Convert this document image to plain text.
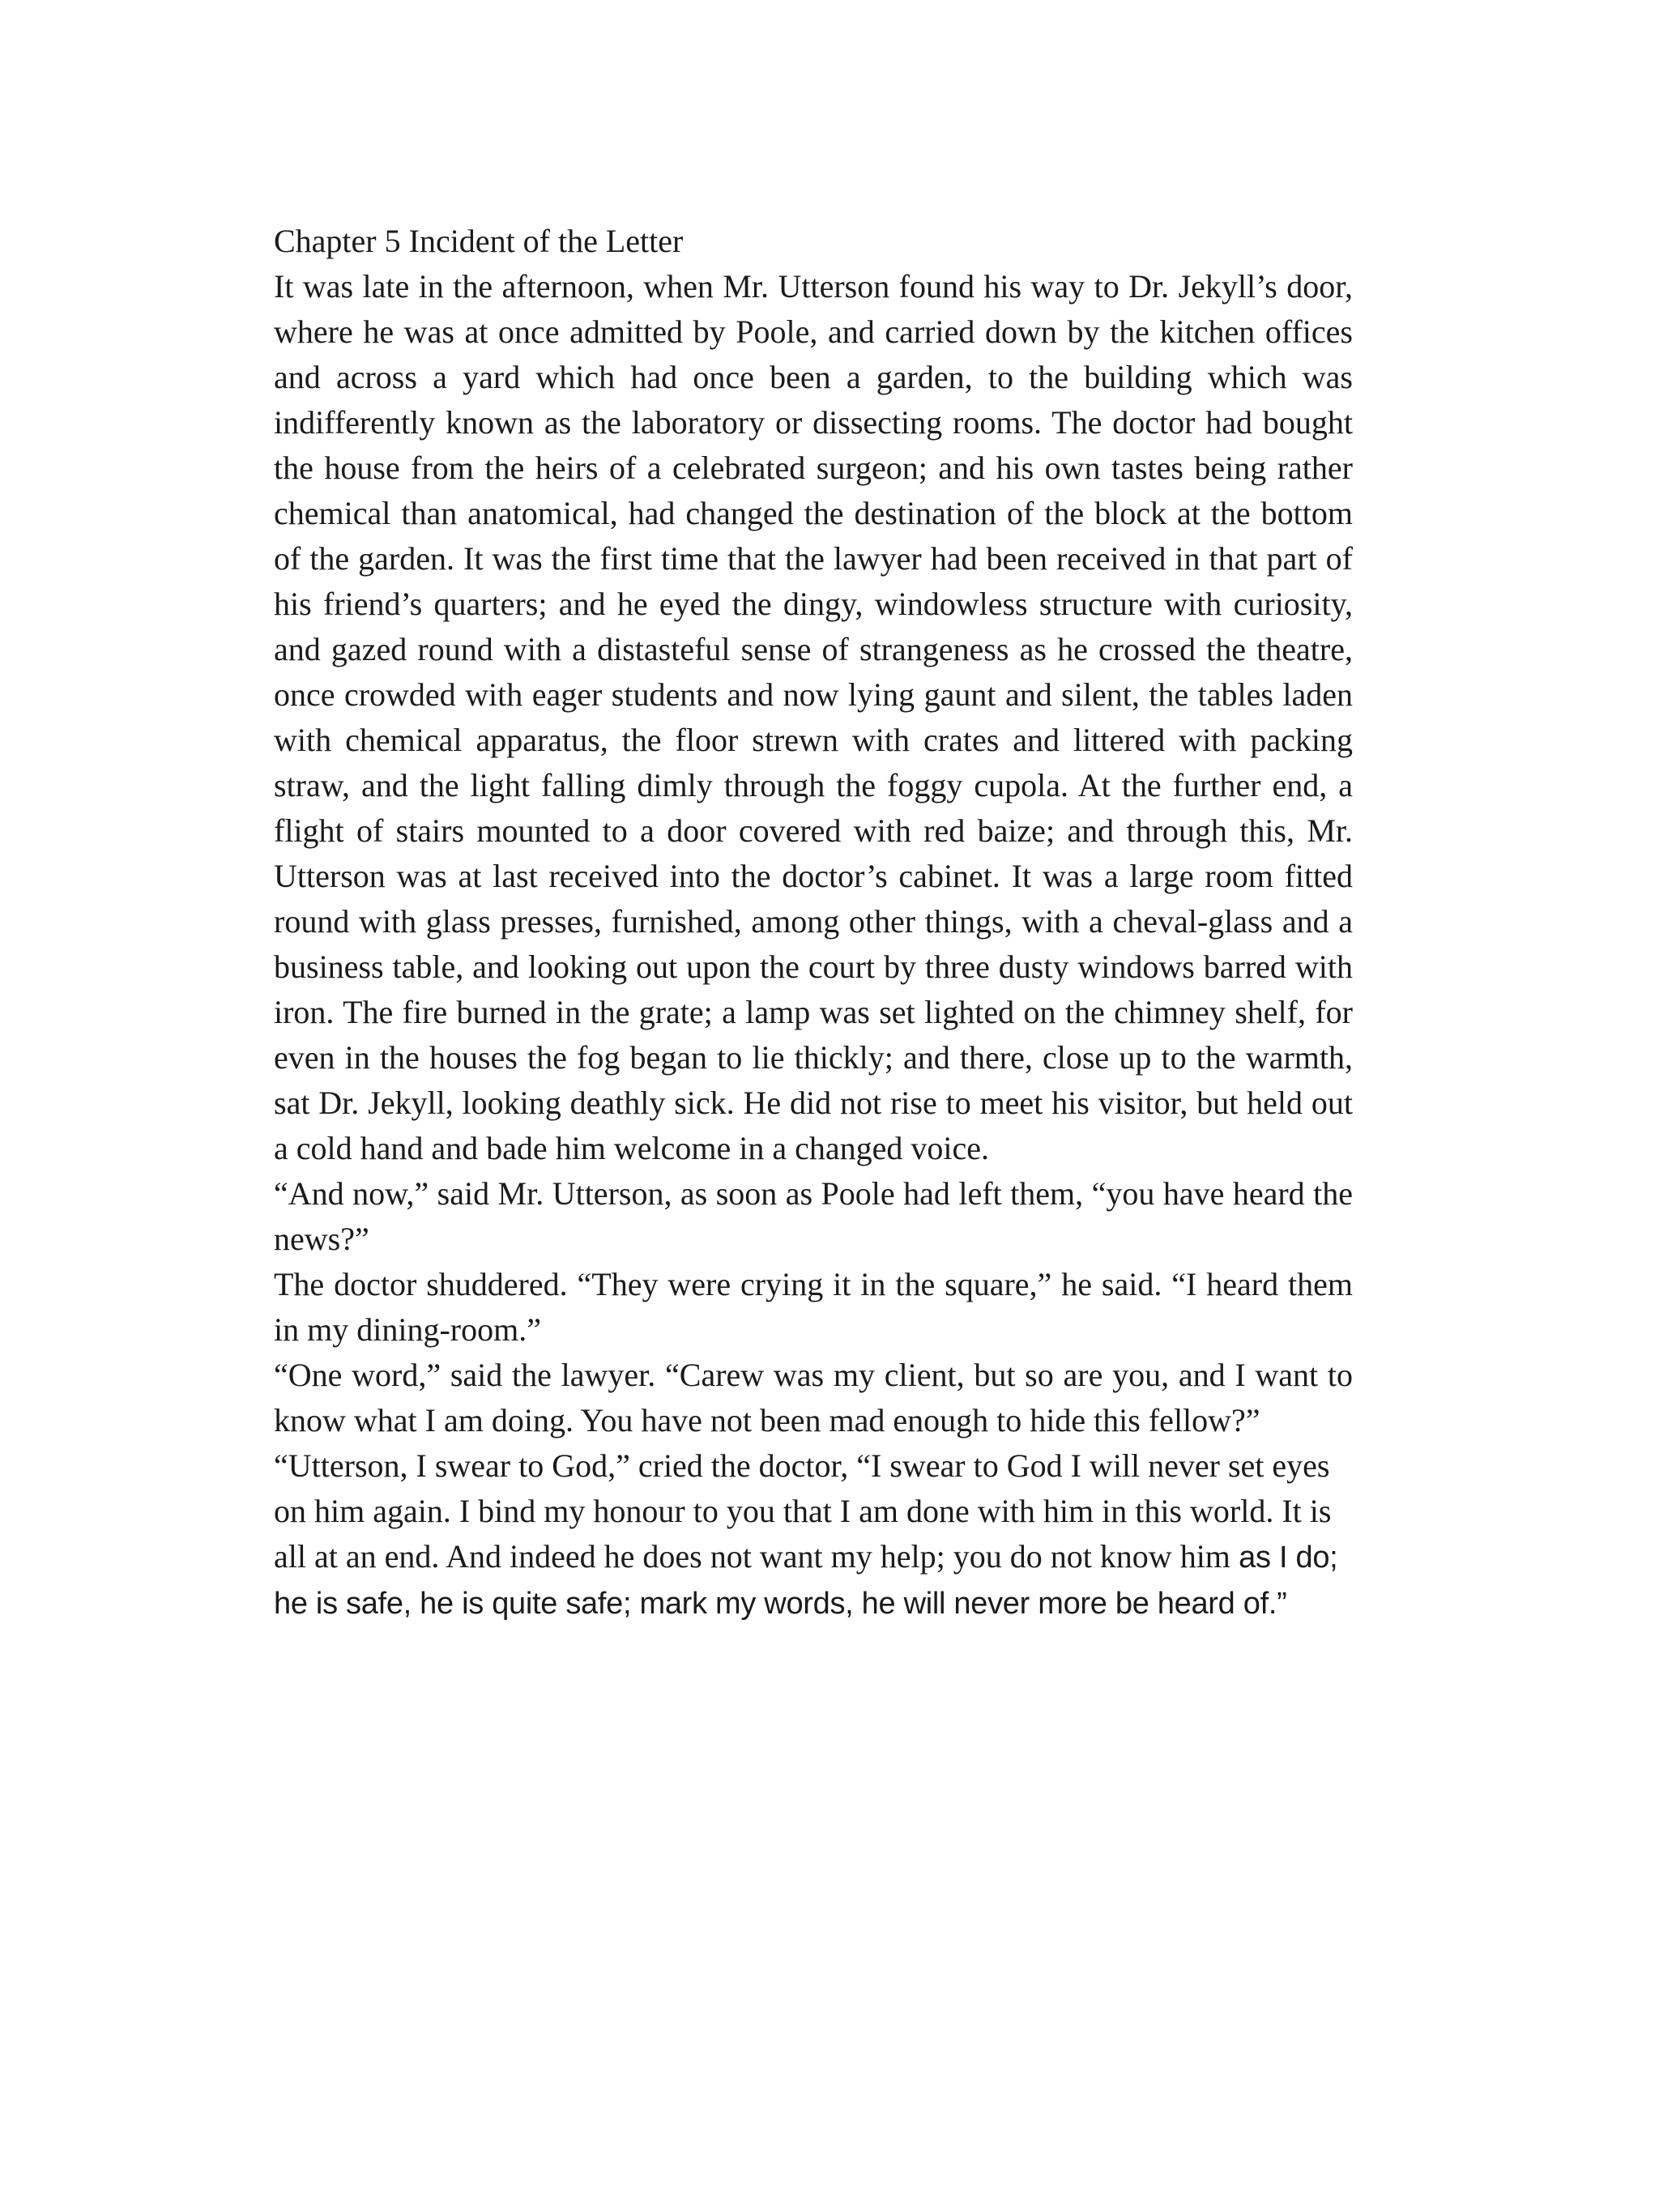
Chapter 5 Incident of the Letter

It was late in the afternoon, when Mr. Utterson found his way to Dr. Jekyll’s door, where he was at once admitted by Poole, and carried down by the kitchen offices and across a yard which had once been a garden, to the building which was indifferently known as the laboratory or dissecting rooms. The doctor had bought the house from the heirs of a celebrated surgeon; and his own tastes being rather chemical than anatomical, had changed the destination of the block at the bottom of the garden. It was the first time that the lawyer had been received in that part of his friend’s quarters; and he eyed the dingy, windowless structure with curiosity, and gazed round with a distasteful sense of strangeness as he crossed the theatre, once crowded with eager students and now lying gaunt and silent, the tables laden with chemical apparatus, the floor strewn with crates and littered with packing straw, and the light falling dimly through the foggy cupola. At the further end, a flight of stairs mounted to a door covered with red baize; and through this, Mr. Utterson was at last received into the doctor’s cabinet. It was a large room fitted round with glass presses, furnished, among other things, with a cheval-glass and a business table, and looking out upon the court by three dusty windows barred with iron. The fire burned in the grate; a lamp was set lighted on the chimney shelf, for even in the houses the fog began to lie thickly; and there, close up to the warmth, sat Dr. Jekyll, looking deathly sick. He did not rise to meet his visitor, but held out a cold hand and bade him welcome in a changed voice.

“And now,” said Mr. Utterson, as soon as Poole had left them, “you have heard the news?”

The doctor shuddered. “They were crying it in the square,” he said. “I heard them in my dining-room.”

“One word,” said the lawyer. “Carew was my client, but so are you, and I want to know what I am doing. You have not been mad enough to hide this fellow?”

“Utterson, I swear to God,” cried the doctor, “I swear to God I will never set eyes on him again. I bind my honour to you that I am done with him in this world. It is all at an end. And indeed he does not want my help; you do not know him as I do; he is safe, he is quite safe; mark my words, he will never more be heard of.”
